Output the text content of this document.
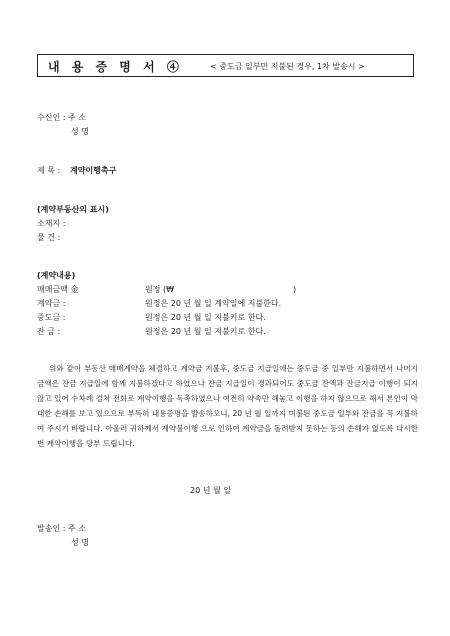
내 용 증 명 서 ④	< 중도금 일부만 지불된 경우, 1차 발송시 >
수신인 : 주 소
성 명
제 목 : 계약이행촉구
(계약부동산의 표시)
소재지 :
물 건 :
(계약내용)
매매금액 金	원정 (₩	)
계약금 :	원정은 20 년 월 일 계약일에 지불한다.
중도금 :	원정은 20 년 월 일 지불키로 한다.
잔 금 :	원정은 20 년 월 일 지불키로 한다.

위와 같이 부동산 매매계약을 체결하고 계약금 지불후, 중도금 지급일에는 중도금 중 일부만 지불하면서 나머지 금액은 잔금 지급일에 함께 지불하겠다고 하였으나 잔금 지급일이 경과되어도 중도금 잔액과 잔금지급 이행이 되지않고 있어 수차례 걸쳐 전화로 계약이행을 독촉하였으나 여전히 약속만 해놓고 이행을 하지 않으므로 해서 본인이 막대한 손해를 보고 있으므로 부득히 내용증명을 발송하오니, 20 년 월 일까지 미불된 중도금 일부와 잔금을 꼭 지불하여 주시기 바랍니다. 아울러 귀하께서 계약불이행 으로 인하여 계약금을 돌려받지 못하는 등의 손해가 없도록 다시한번 계약이행을 당부 드립니다.

20 년 월 일
발송인 : 주 소
성 명
